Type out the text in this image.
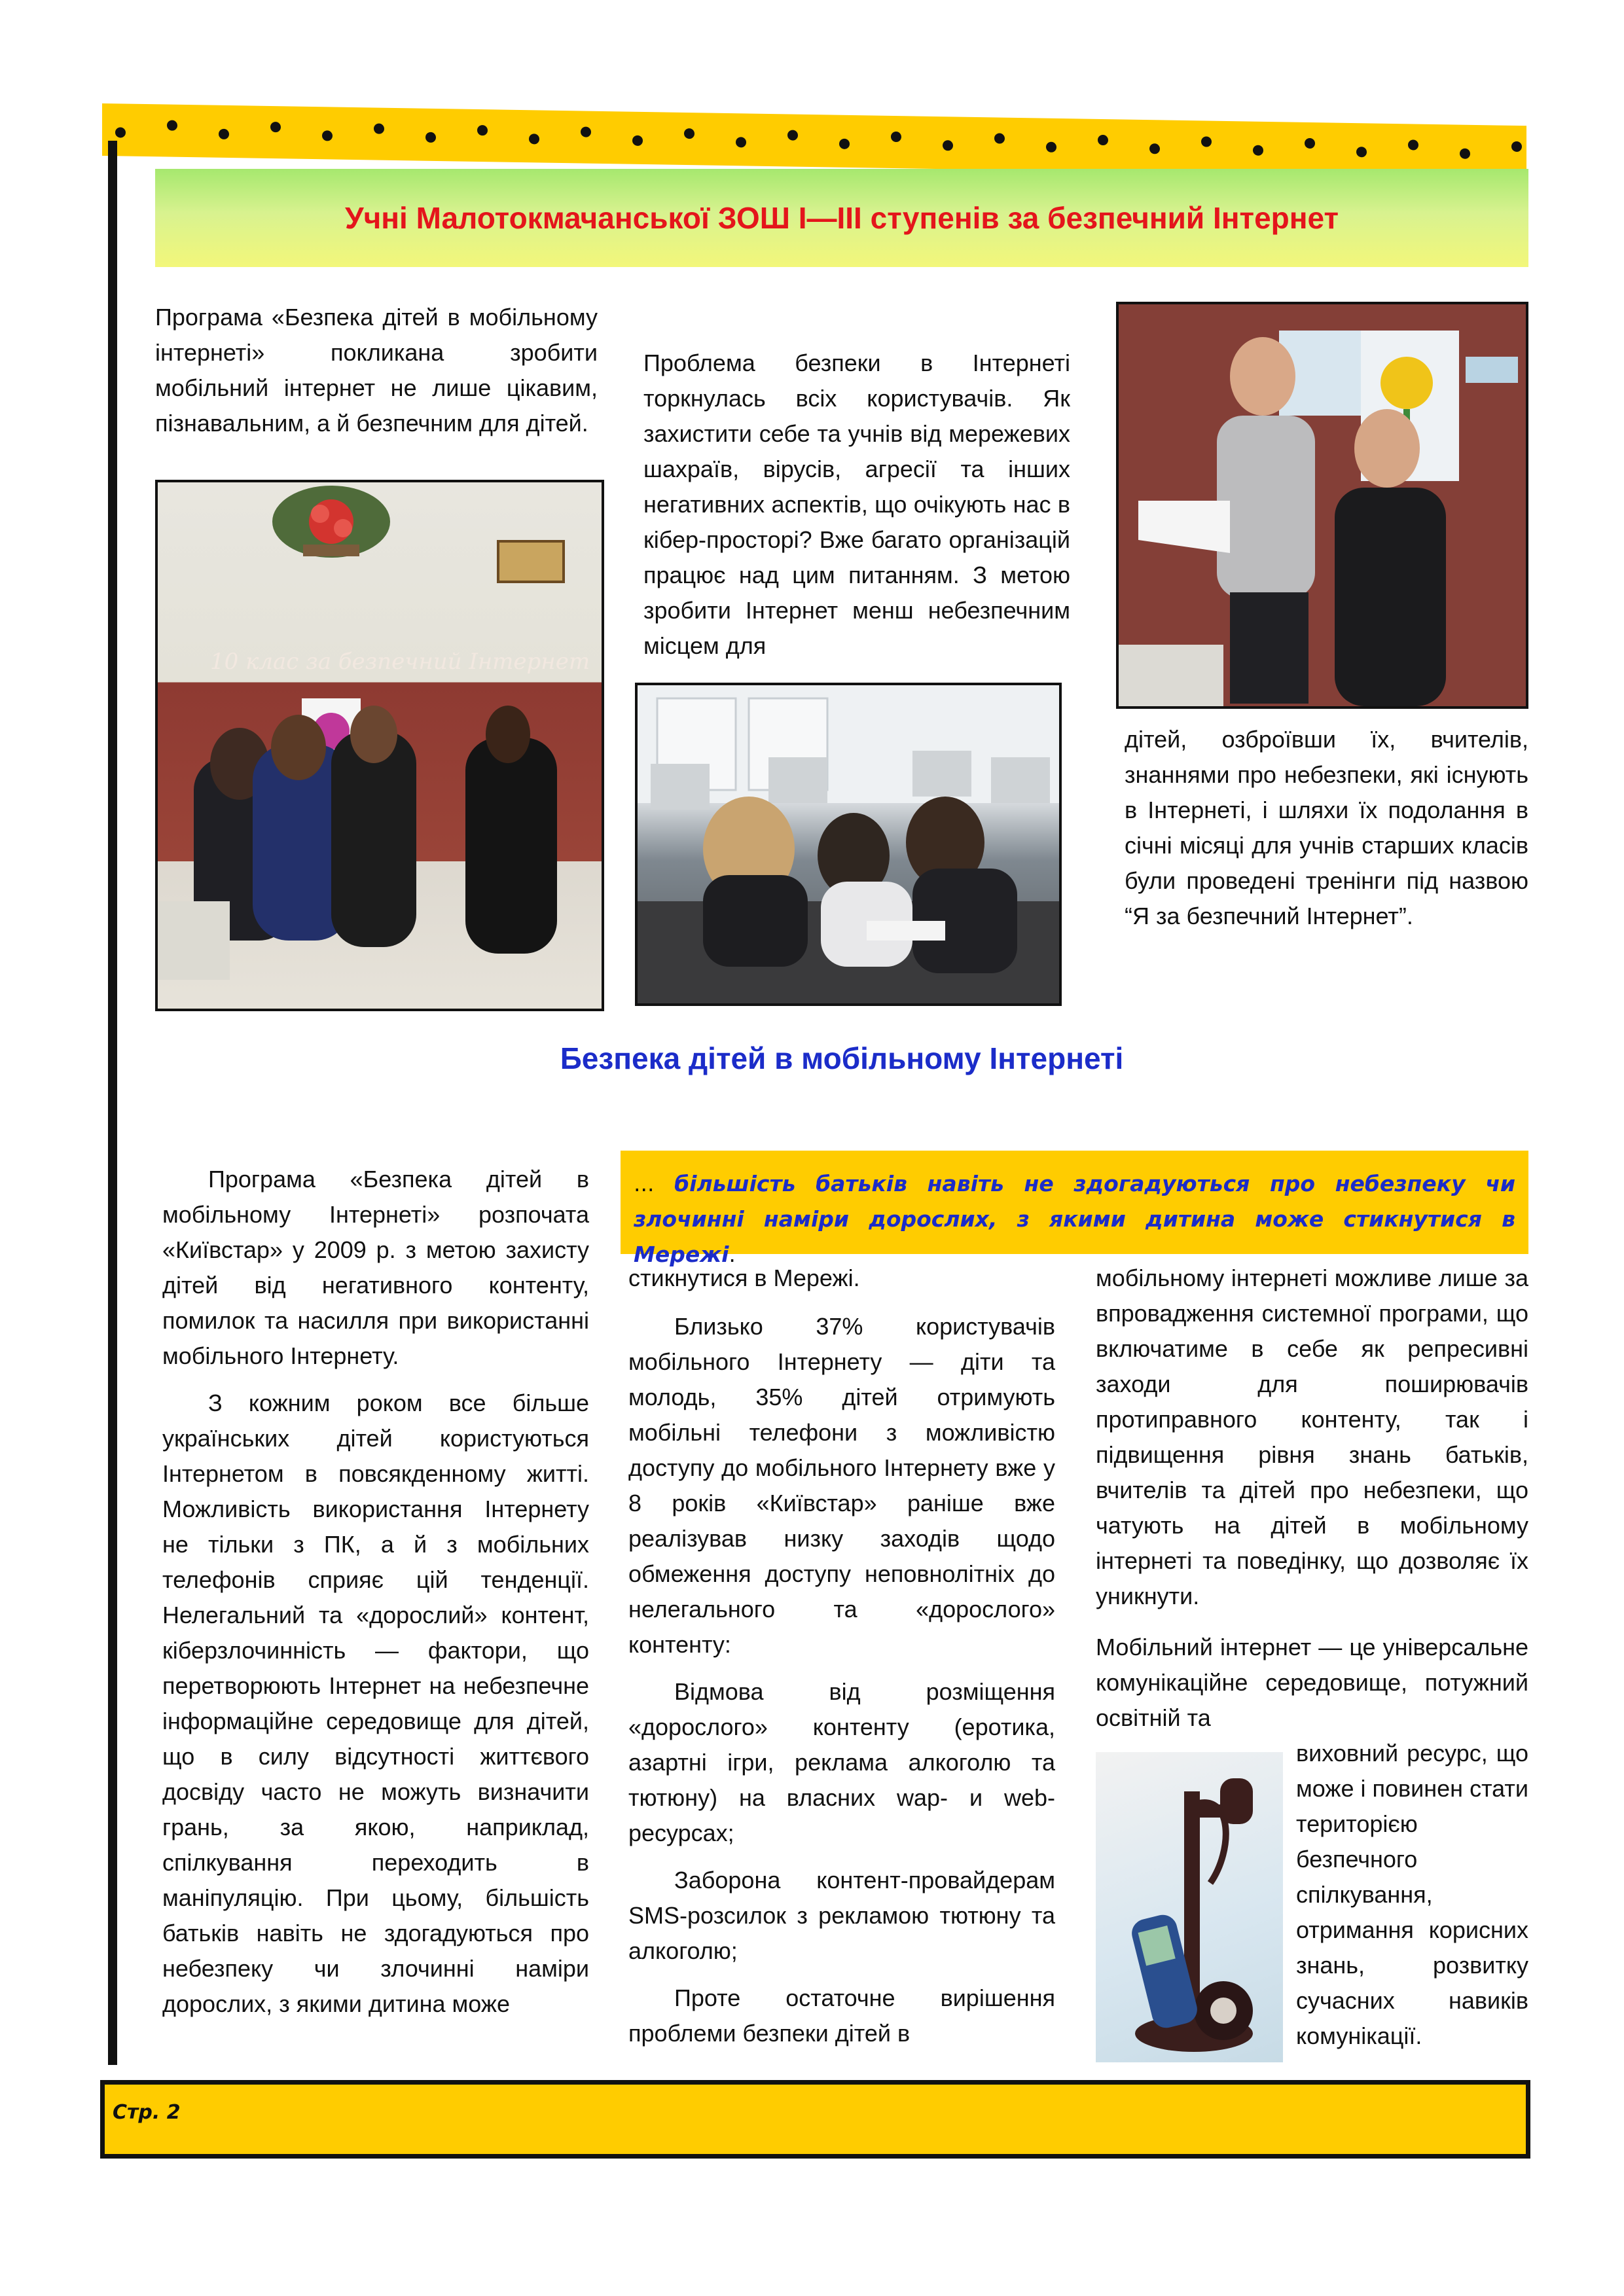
Учні Малотокмачанської ЗОШ І—ІІІ ступенів за безпечний Інтернет
Програма «Безпека дітей в мобільному інтернеті» покликана зробити мобільний інтернет не лише цікавим, пізнавальним, а й безпечним для дітей.
Проблема безпеки в Інтернеті торкнулась всіх користувачів. Як захистити себе та учнів від мережевих шахраїв, вірусів, агресії та інших негативних аспектів, що очікують нас в кібер-просторі? Вже багато організацій працює над цим питанням. З метою зробити Інтернет менш небезпечним місцем для
дітей, озброївши їх, вчителів, знаннями про небезпеки, які існують в Інтернеті, і шляхи їх подолання в січні місяці для учнів старших класів були проведені тренінги під назвою “Я за безпечний Інтернет”.
10 клас за безпечний Інтернет
Безпека дітей в мобільному Інтернеті

Програма «Безпека дітей в мобільному Інтернеті» розпочата «Київстар» у 2009 р. з метою захисту дітей від негативного контенту, помилок та насилля при використанні мобільного Інтернету.

З кожним роком все більше українських дітей користуються Інтернетом в повсякденному житті. Можливість використання Інтернету не тільки з ПК, а й з мобільних телефонів сприяє цій тенденції. Нелегальний та «дорослий» контент, кіберзлочинність — фактори, що перетворюють Інтернет на небезпечне інформаційне середовище для дітей, що в силу відсутності життєвого досвіду часто не можуть визначити грань, за якою, наприклад, спілкування переходить в маніпуляцію. При цьому, більшість батьків навіть не здогадуються про небезпеку чи злочинні наміри дорослих, з якими дитина може

... більшість батьків навіть не здогадуються про небезпеку чи злочинні наміри дорослих, з якими дитина може стикнутися в Мережі.

стикнутися в Мережі.

Близько 37% користувачів мобільного Інтернету — діти та молодь, 35% дітей отримують мобільні телефони з можливістю доступу до мобільного Інтернету вже у 8 років «Київстар» раніше вже реалізував низку заходів щодо обмеження доступу неповнолітніх до нелегального та «дорослого» контенту:

Відмова від розміщення «дорослого» контенту (еротика, азартні ігри, реклама алкоголю та тютюну) на власних wap- и web-ресурсах;

Заборона контент-провайдерам SMS-розсилок з рекламою тютюну та алкоголю;

Проте остаточне вирішення проблеми безпеки дітей в

мобільному інтернеті можливе лише за впровадження системної програми, що включатиме в себе як репресивні заходи для поширювачів протиправного контенту, так і підвищення рівня знань батьків, вчителів та дітей про небезпеки, що чатують на дітей в мобільному інтернеті та поведінку, що дозволяє їх уникнути.
Мобільний інтернет — це універсальне комунікаційне середовище, потужний освітній та
виховний ресурс, що може і повинен стати територією безпечного спілкування, отримання корисних знань, розвитку сучасних навиків комунікації.
Стр. 2
